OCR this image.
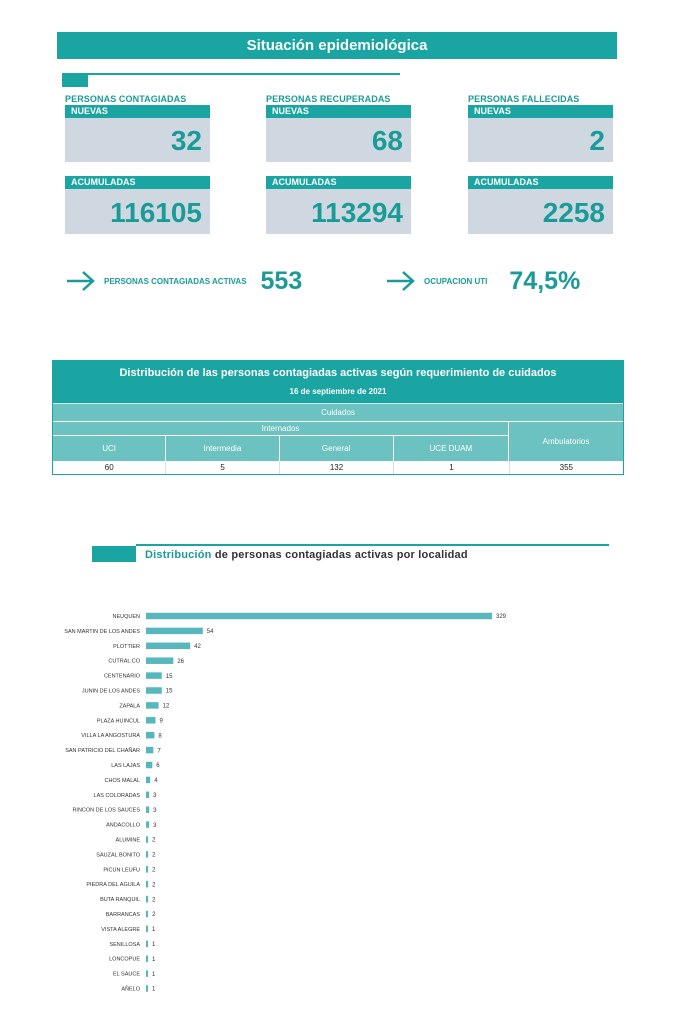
Situación epidemiológica
PERSONAS CONTAGIADAS
NUEVAS
32
ACUMULADAS
116105
PERSONAS RECUPERADAS
NUEVAS
68
ACUMULADAS
113294
PERSONAS FALLECIDAS
NUEVAS
2
ACUMULADAS
2258
PERSONAS CONTAGIADAS ACTIVAS 553	OCUPACION UTI 74,5%
Distribución de las personas contagiadas activas según requerimiento de cuidados
16 de septiembre de 2021
Cuidados
Internados
UCI	Intermedia	General	UCE DUAM
Ambulatorios
60	5	132	1	355
Distribución de personas contagiadas activas por localidad
NEUQUEN	329
SAN MARTIN DE LOS ANDES	54
PLOTTIER	42
CUTRAL CO	26
CENTENARIO	15
JUNIN DE LOS ANDES	15
ZAPALA	12
PLAZA HUINCUL	9
VILLA LA ANGOSTURA	8
SAN PATRICIO DEL CHAÑAR	7
LAS LAJAS	6
CHOS MALAL 4
LAS COLORADAS 3
RINCON DE LOS SAUCES 3
ANDACOLLO 3
ALUMINE 2
SAUZAL BONITO 2
PICUN LEUFU 2
PIEDRA DEL AGUILA 2
BUTA RANQUIL 2
BARRANCAS 2
VISTA ALEGRE 1
SENILLOSA 1
LONCOPUE 1
EL SAUCE 1
AÑELO 1
